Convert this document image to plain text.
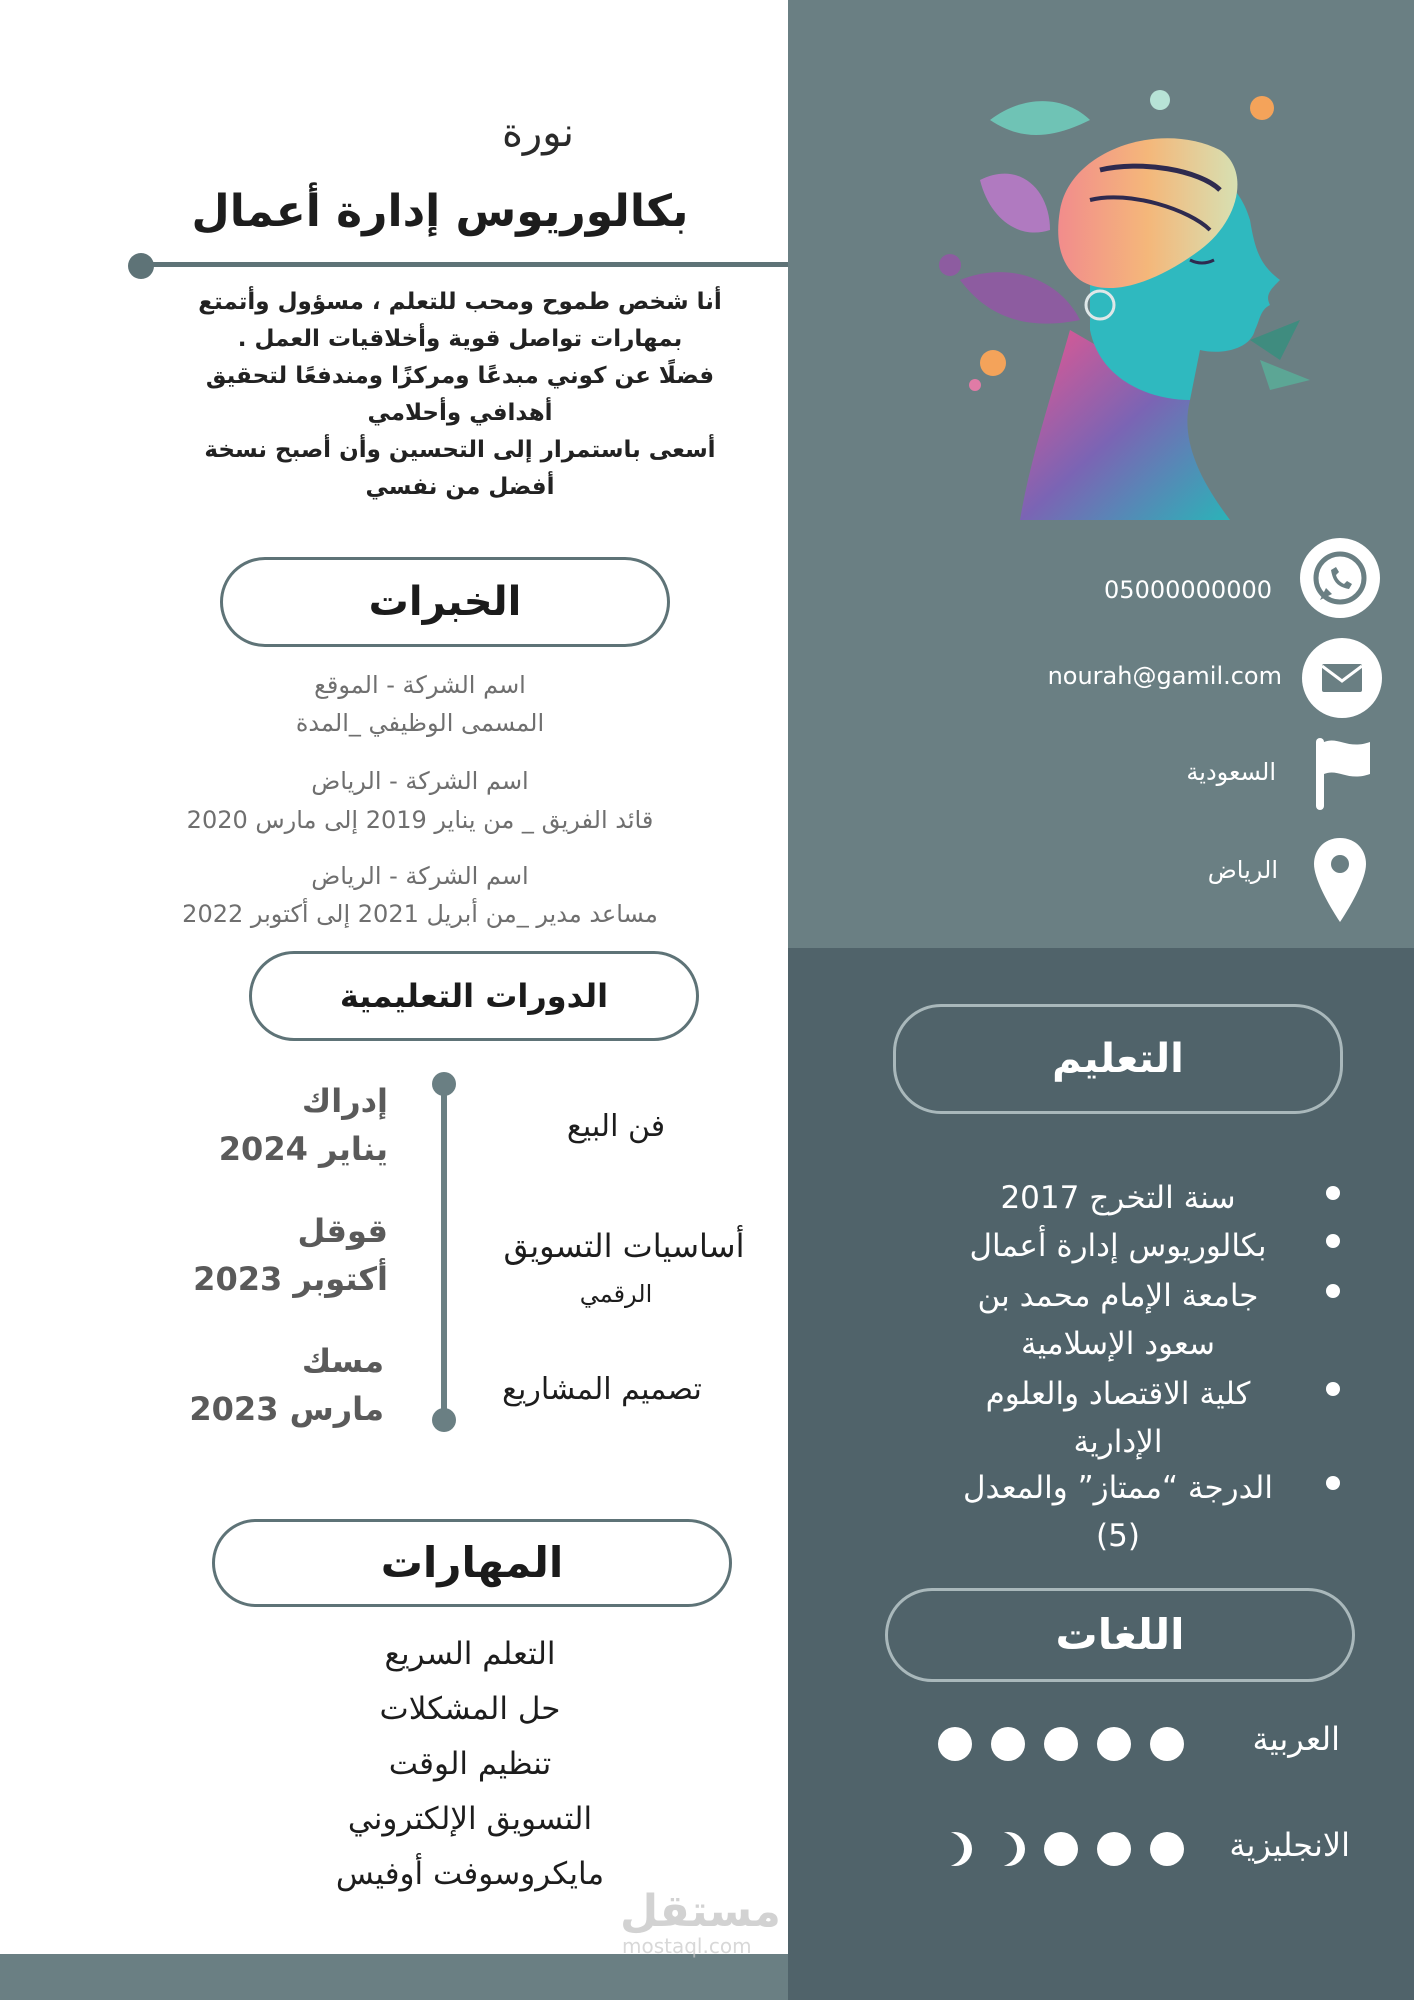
نورة
بكالوريوس إدارة أعمال
أنا شخص طموح ومحب للتعلم ، مسؤول وأتمتع
بمهارات تواصل قوية وأخلاقيات العمل .
فضلًا عن كوني مبدعًا ومركزًا ومندفعًا لتحقيق
أهدافي وأحلامي
أسعى باستمرار إلى التحسين وأن أصبح نسخة
أفضل من نفسي
الخبرات
اسم الشركة - الموقع
المسمى الوظيفي _المدة
اسم الشركة - الرياض
قائد الفريق _ من يناير 2019 إلى مارس 2020
اسم الشركة - الرياض
مساعد مدير _من أبريل 2021 إلى أكتوبر 2022
الدورات التعليمية
فن البيع
إدراك
يناير 2024
أساسيات التسويق
الرقمي
قوقل
أكتوبر 2023
تصميم المشاريع
مسك
مارس 2023
المهارات
التعلم السريع
حل المشكلات
تنظيم الوقت
التسويق الإلكتروني
مايكروسوفت أوفيس
05000000000
nourah@gamil.com
السعودية
الرياض
التعليم
سنة التخرج 2017
بكالوريوس إدارة أعمال
جامعة الإمام محمد بن
سعود الإسلامية
كلية الاقتصاد والعلوم
الإدارية
الدرجة “ممتاز” والمعدل
(5)
اللغات
العربية
الانجليزية
مستقل
mostaql.com
